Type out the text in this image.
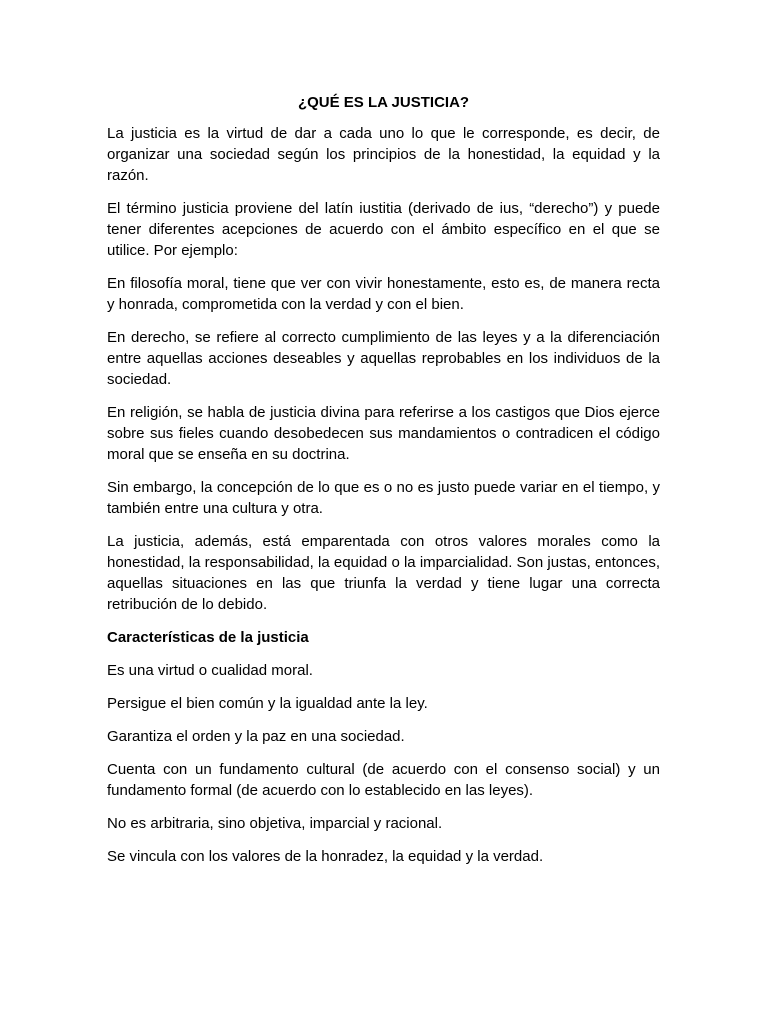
¿QUÉ ES LA JUSTICIA?

La justicia es la virtud de dar a cada uno lo que le corresponde, es decir, de organizar una sociedad según los principios de la honestidad, la equidad y la razón.

El término justicia proviene del latín iustitia (derivado de ius, “derecho”) y puede tener diferentes acepciones de acuerdo con el ámbito específico en el que se utilice. Por ejemplo:

En filosofía moral, tiene que ver con vivir honestamente, esto es, de manera recta y honrada, comprometida con la verdad y con el bien.

En derecho, se refiere al correcto cumplimiento de las leyes y a la diferenciación entre aquellas acciones deseables y aquellas reprobables en los individuos de la sociedad.

En religión, se habla de justicia divina para referirse a los castigos que Dios ejerce sobre sus fieles cuando desobedecen sus mandamientos o contradicen el código moral que se enseña en su doctrina.

Sin embargo, la concepción de lo que es o no es justo puede variar en el tiempo, y también entre una cultura y otra.

La justicia, además, está emparentada con otros valores morales como la honestidad, la responsabilidad, la equidad o la imparcialidad. Son justas, entonces, aquellas situaciones en las que triunfa la verdad y tiene lugar una correcta retribución de lo debido.

Características de la justicia

Es una virtud o cualidad moral.

Persigue el bien común y la igualdad ante la ley.

Garantiza el orden y la paz en una sociedad.

Cuenta con un fundamento cultural (de acuerdo con el consenso social) y un fundamento formal (de acuerdo con lo establecido en las leyes).

No es arbitraria, sino objetiva, imparcial y racional.

Se vincula con los valores de la honradez, la equidad y la verdad.
